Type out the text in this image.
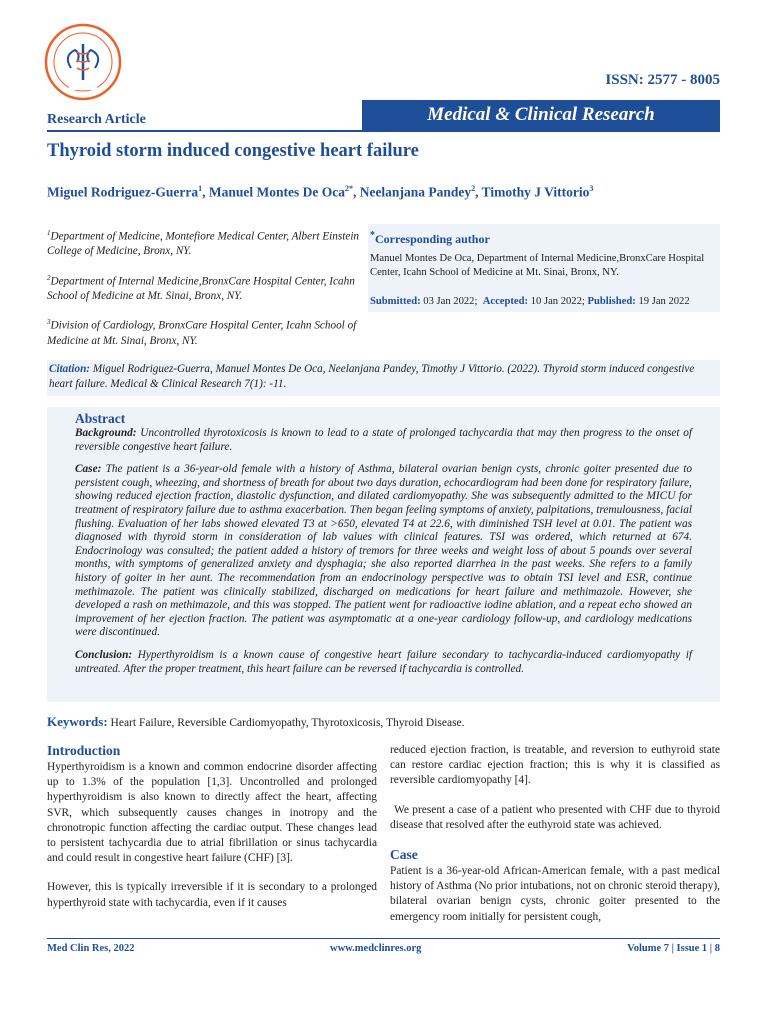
ISSN: 2577 - 8005
Research Article	Medical & Clinical Research
Thyroid storm induced congestive heart failure
Miguel Rodriguez-Guerra$^1$, Manuel Montes De Oca$^{2*}$, Neelanjana Pandey$^2$, Timothy J Vittorio$^3$

$^1$Department of Medicine, Montefiore Medical Center, Albert Einstein College of Medicine, Bronx, NY.

$^2$Department of Internal Medicine,BronxCare Hospital Center, Icahn School of Medicine at Mt. Sinai, Bronx, NY.

$^3$Division of Cardiology, BronxCare Hospital Center, Icahn School of Medicine at Mt. Sinai, Bronx, NY.

*Corresponding author
Manuel Montes De Oca, Department of Internal Medicine,BronxCare Hospital Center, Icahn School of Medicine at Mt. Sinai, Bronx, NY.
Submitted: 03 Jan 2022; Accepted: 10 Jan 2022; Published: 19 Jan 2022
Citation: Miguel Rodriguez-Guerra, Manuel Montes De Oca, Neelanjana Pandey, Timothy J Vittorio. (2022). Thyroid storm induced congestive heart failure. Medical & Clinical Research 7(1): -11.
Abstract

Background: Uncontrolled thyrotoxicosis is known to lead to a state of prolonged tachycardia that may then progress to the onset of reversible congestive heart failure.

Case: The patient is a 36-year-old female with a history of Asthma, bilateral ovarian benign cysts, chronic goiter presented due to persistent cough, wheezing, and shortness of breath for about two days duration, echocardiogram had been done for respiratory failure, showing reduced ejection fraction, diastolic dysfunction, and dilated cardiomyopathy. She was subsequently admitted to the MICU for treatment of respiratory failure due to asthma exacerbation. Then began feeling symptoms of anxiety, palpitations, tremulousness, facial flushing. Evaluation of her labs showed elevated T3 at >650, elevated T4 at 22.6, with diminished TSH level at 0.01. The patient was diagnosed with thyroid storm in consideration of lab values with clinical features. TSI was ordered, which returned at 674. Endocrinology was consulted; the patient added a history of tremors for three weeks and weight loss of about 5 pounds over several months, with symptoms of generalized anxiety and dysphagia; she also reported diarrhea in the past weeks. She refers to a family history of goiter in her aunt. The recommendation from an endocrinology perspective was to obtain TSI level and ESR, continue methimazole. The patient was clinically stabilized, discharged on medications for heart failure and methimazole. However, she developed a rash on methimazole, and this was stopped. The patient went for radioactive iodine ablation, and a repeat echo showed an improvement of her ejection fraction. The patient was asymptomatic at a one-year cardiology follow-up, and cardiology medications were discontinued.

Conclusion: Hyperthyroidism is a known cause of congestive heart failure secondary to tachycardia-induced cardiomyopathy if untreated. After the proper treatment, this heart failure can be reversed if tachycardia is controlled.

Keywords: Heart Failure, Reversible Cardiomyopathy, Thyrotoxicosis, Thyroid Disease.
Introduction

Hyperthyroidism is a known and common endocrine disorder affecting up to 1.3% of the population [1,3]. Uncontrolled and prolonged hyperthyroidism is also known to directly affect the heart, affecting SVR, which subsequently causes changes in inotropy and the chronotropic function affecting the cardiac output. These changes lead to persistent tachycardia due to atrial fibrillation or sinus tachycardia and could result in congestive heart failure (CHF) [3].

However, this is typically irreversible if it is secondary to a prolonged hyperthyroid state with tachycardia, even if it causes

reduced ejection fraction, is treatable, and reversion to euthyroid state can restore cardiac ejection fraction; this is why it is classified as reversible cardiomyopathy [4].

We present a case of a patient who presented with CHF due to thyroid disease that resolved after the euthyroid state was achieved.

Case

Patient is a 36-year-old African-American female, with a past medical history of Asthma (No prior intubations, not on chronic steroid therapy), bilateral ovarian benign cysts, chronic goiter presented to the emergency room initially for persistent cough,

Med Clin Res, 2022	www.medclinres.org	Volume 7 | Issue 1 | 8
